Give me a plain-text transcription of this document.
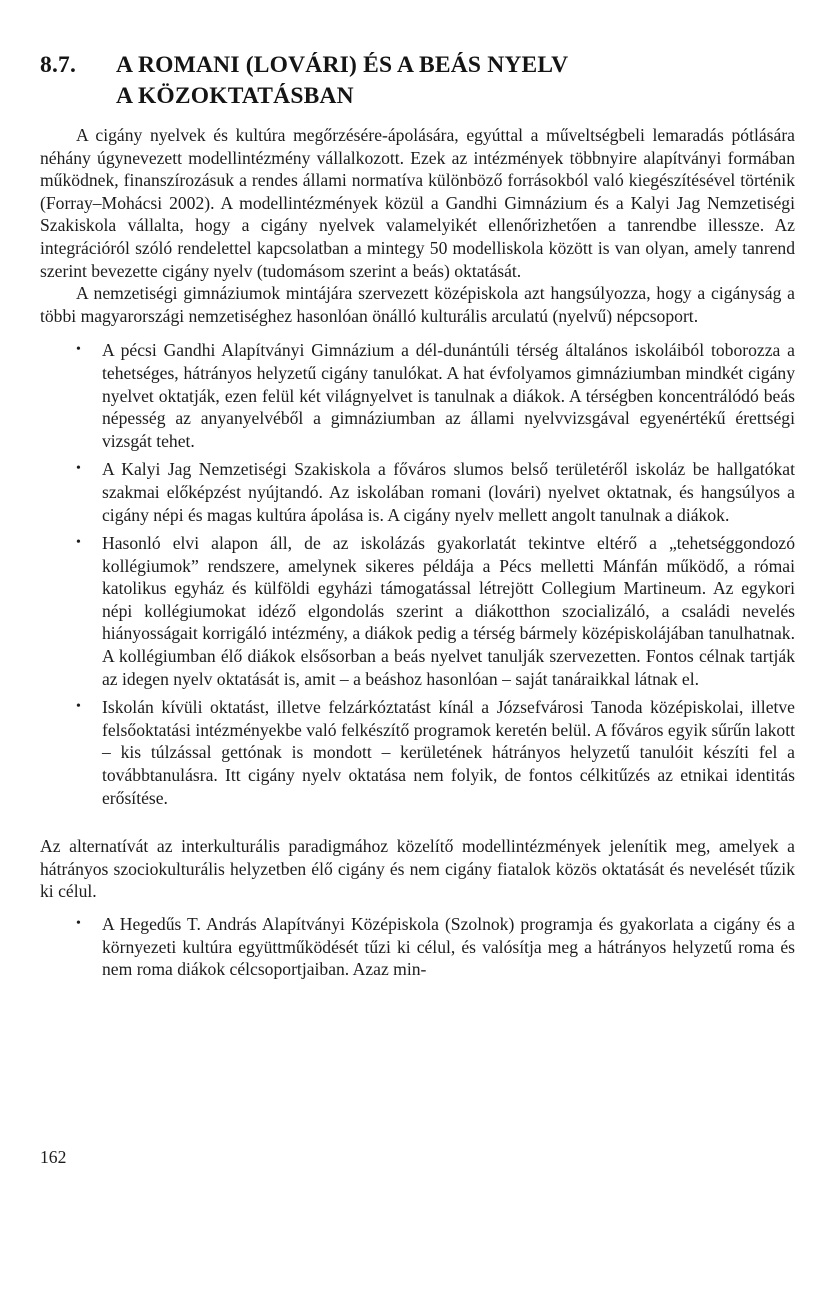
8.7. A ROMANI (LOVÁRI) ÉS A BEÁS NYELV
A KÖZOKTATÁSBAN

A cigány nyelvek és kultúra megőrzésére-ápolására, egyúttal a műveltségbeli lemaradás pótlására néhány úgynevezett modellintézmény vállalkozott. Ezek az intézmények többnyire alapítványi formában működnek, finanszírozásuk a rendes állami normatíva különböző forrásokból való kiegészítésével történik (Forray–Mohácsi 2002). A modellintézmények közül a Gandhi Gimnázium és a Kalyi Jag Nemzetiségi Szakiskola vállalta, hogy a cigány nyelvek valamelyikét ellenőrizhetően a tanrendbe illessze. Az integrációról szóló rendelettel kapcsolatban a mintegy 50 modelliskola között is van olyan, amely tanrend szerint bevezette cigány nyelv (tudomásom szerint a beás) oktatását.

A nemzetiségi gimnáziumok mintájára szervezett középiskola azt hangsúlyozza, hogy a cigányság a többi magyarországi nemzetiséghez hasonlóan önálló kulturális arculatú (nyelvű) népcsoport.

• A pécsi Gandhi Alapítványi Gimnázium a dél-dunántúli térség általános iskoláiból toborozza a tehetséges, hátrányos helyzetű cigány tanulókat. A hat évfolyamos gimnáziumban mindkét cigány nyelvet oktatják, ezen felül két világnyelvet is tanulnak a diákok. A térségben koncentrálódó beás népesség az anyanyelvéből a gimnáziumban az állami nyelvvizsgával egyenértékű érettségi vizsgát tehet.
• A Kalyi Jag Nemzetiségi Szakiskola a főváros slumos belső területéről iskoláz be hallgatókat szakmai előképzést nyújtandó. Az iskolában romani (lovári) nyelvet oktatnak, és hangsúlyos a cigány népi és magas kultúra ápolása is. A cigány nyelv mellett angolt tanulnak a diákok.
• Hasonló elvi alapon áll, de az iskolázás gyakorlatát tekintve eltérő a „tehetséggondozó kollégiumok” rendszere, amelynek sikeres példája a Pécs melletti Mánfán működő, a római katolikus egyház és külföldi egyházi támogatással létrejött Collegium Martineum. Az egykori népi kollégiumokat idéző elgondolás szerint a diákotthon szocializáló, a családi nevelés hiányosságait korrigáló intézmény, a diákok pedig a térség bármely középiskolájában tanulhatnak. A kollégiumban élő diákok elsősorban a beás nyelvet tanulják szervezetten. Fontos célnak tartják az idegen nyelv oktatását is, amit – a beáshoz hasonlóan – saját tanáraikkal látnak el.
• Iskolán kívüli oktatást, illetve felzárkóztatást kínál a Józsefvárosi Tanoda középiskolai, illetve felsőoktatási intézményekbe való felkészítő programok keretén belül. A főváros egyik sűrűn lakott – kis túlzással gettónak is mondott – kerületének hátrányos helyzetű tanulóit készíti fel a továbbtanulásra. Itt cigány nyelv oktatása nem folyik, de fontos célkitűzés az etnikai identitás erősítése.

Az alternatívát az interkulturális paradigmához közelítő modellintézmények jelenítik meg, amelyek a hátrányos szociokulturális helyzetben élő cigány és nem cigány fiatalok közös oktatását és nevelését tűzik ki célul.

• A Hegedűs T. András Alapítványi Középiskola (Szolnok) programja és gyakorlata a cigány és a környezeti kultúra együttműködését tűzi ki célul, és valósítja meg a hátrányos helyzetű roma és nem roma diákok célcsoportjaiban. Azaz min-
162
